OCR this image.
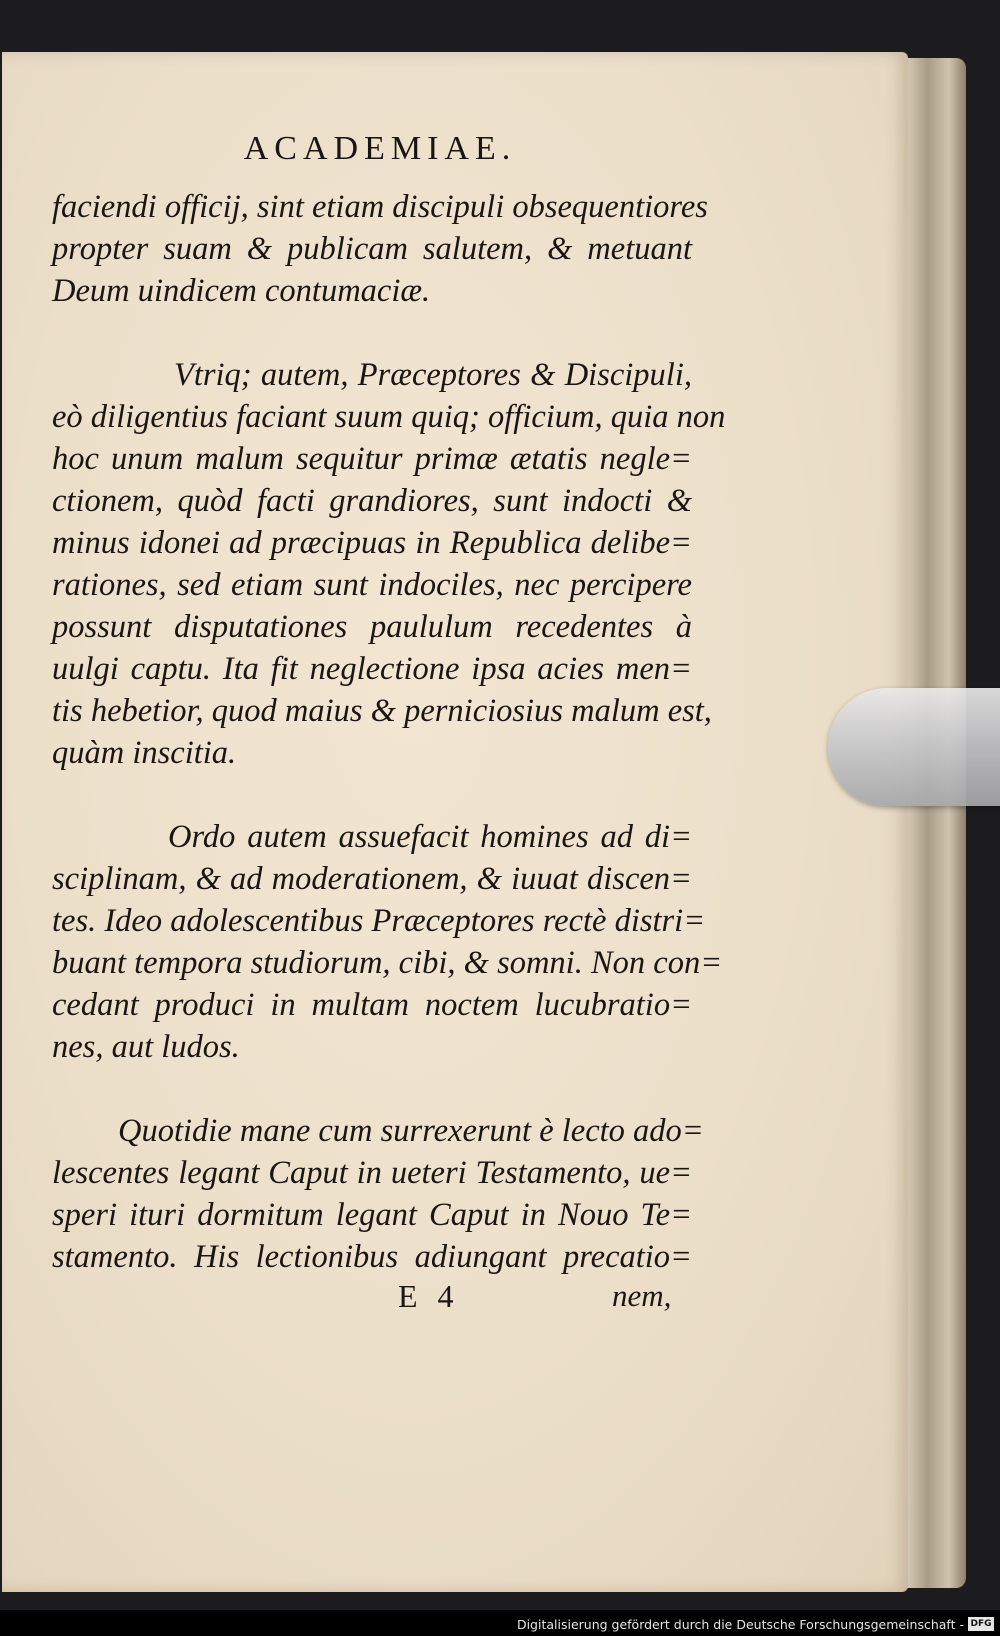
ACADEMIAE.
faciendi officij, sint etiam discipuli obsequentiores
propter suam & publicam salutem, & metuant
Deum uindicem contumaciæ.
Vtriq; autem, Præceptores & Discipuli,
eò diligentius faciant suum quiq; officium, quia non
hoc unum malum sequitur primæ ætatis negle=
ctionem, quòd facti grandiores, sunt indocti &
minus idonei ad præcipuas in Republica delibe=
rationes, sed etiam sunt indociles, nec percipere
possunt disputationes paululum recedentes à
uulgi captu. Ita fit neglectione ipsa acies men=
tis hebetior, quod maius & perniciosius malum est,
quàm inscitia.
Ordo autem assuefacit homines ad di=
sciplinam, & ad moderationem, & iuuat discen=
tes. Ideo adolescentibus Præceptores rectè distri=
buant tempora studiorum, cibi, & somni. Non con=
cedant produci in multam noctem lucubratio=
nes, aut ludos.
Quotidie mane cum surrexerunt è lecto ado=
lescentes legant Caput in ueteri Testamento, ue=
speri ituri dormitum legant Caput in Nouo Te=
stamento. His lectionibus adiungant precatio=
E 4	nem,
Digitalisierung gefördert durch die Deutsche Forschungsgemeinschaft - DFG
